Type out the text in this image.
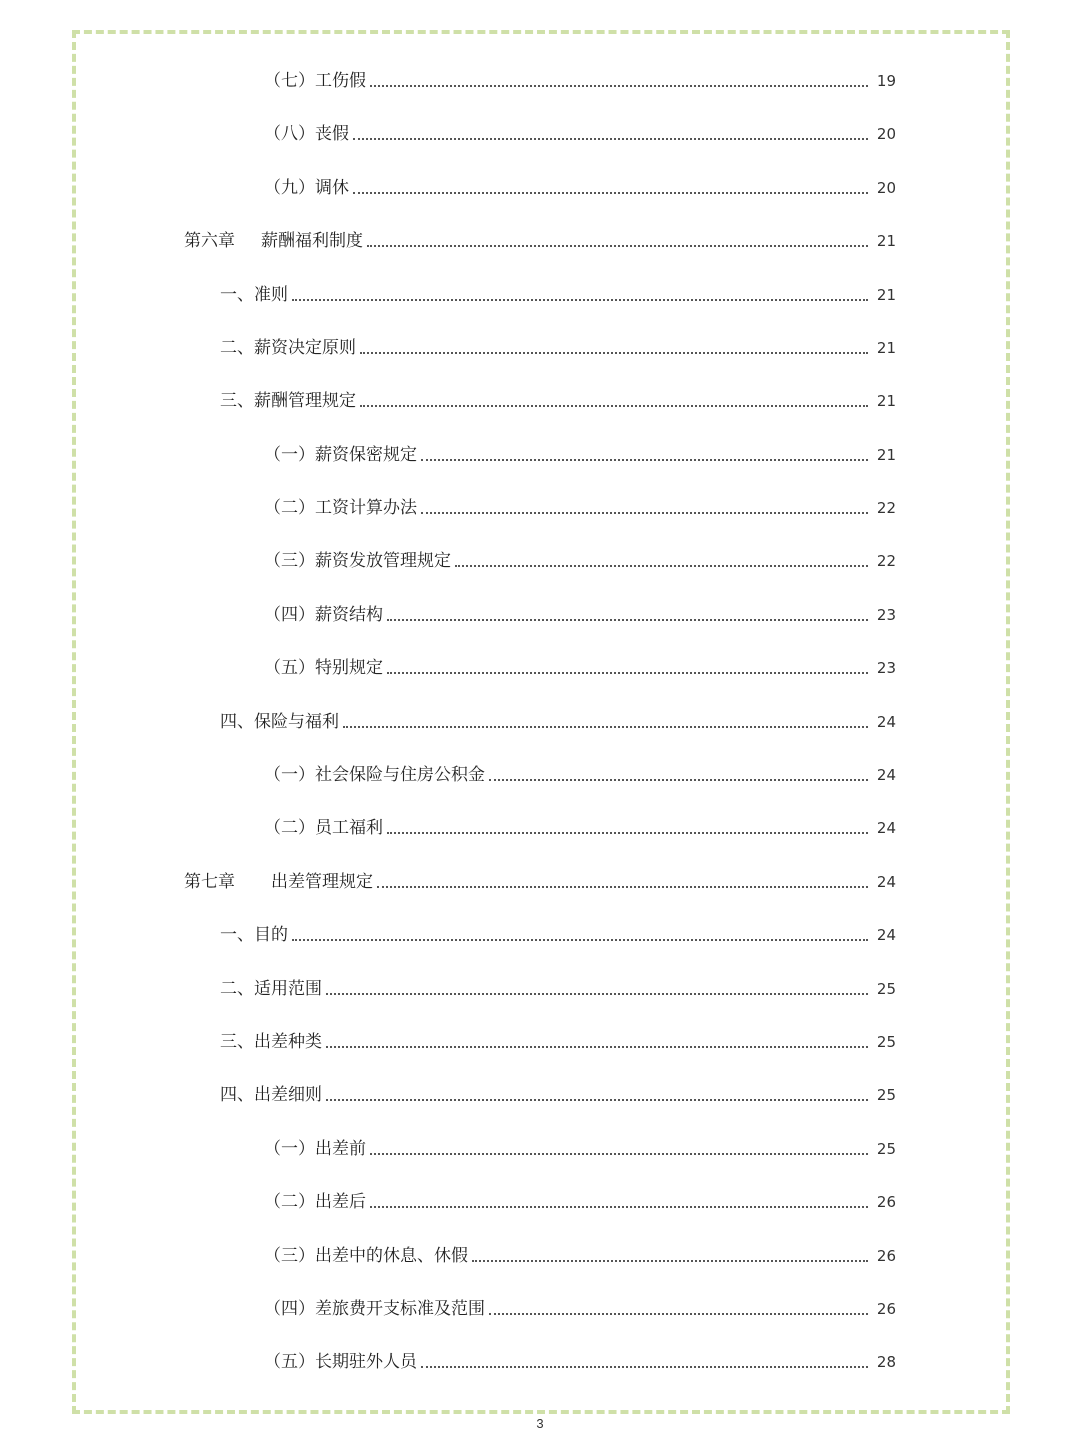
（七）工伤假	19
（八）丧假	20
（九）调休	20
第六章 薪酬福利制度	21
一、准则	21
二、薪资决定原则	21
三、薪酬管理规定	21
（一）薪资保密规定	21
（二）工资计算办法	22
（三）薪资发放管理规定	22
（四）薪资结构	23
（五）特别规定	23
四、保险与福利	24
（一）社会保险与住房公积金	24
（二）员工福利	24
第七章 出差管理规定	24
一、目的	24
二、适用范围	25
三、出差种类	25
四、出差细则	25
（一）出差前	25
（二）出差后	26
（三）出差中的休息、休假	26
（四）差旅费开支标准及范围	26
（五）长期驻外人员	28
3
